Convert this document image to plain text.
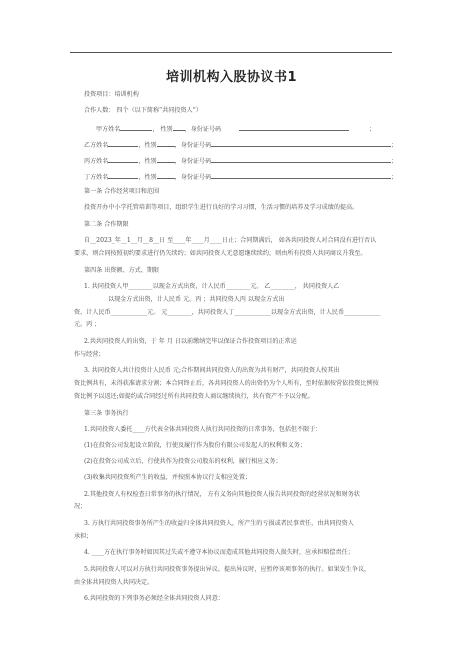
培训机构入股协议书1
投资项目：培训机构
合作人数： 四个（以下简称“共同投资人”）
甲方姓名	， 性别 ，身份证号码	；
乙方姓名	，性别	，身份证号码	；
丙方姓名	，性别	，身份证号码	；
丁方姓名	，性别	，身份证号码	；
第一条 合作经营项目和范围
投资开办中小学托管培训等项目，组织学生进行良好的学习习惯，生活习惯的培养及学习成绩的提高。
第二条 合作期限
自__2023_年__1__月__8__日 至____年____月____日止；合同期满后， 如各共同投资人对合同没有进行否认
要求，则合同按照初约要求进行仍矢续约；如共同投资人无意愿继续续约，则由所有投资人共同商议升我至。
第四条 出资额、方式、期限
1. 共同投资人甲________以现金方式出资，计人民币________元。 乙________， 共同投资人乙
以现金方式出资，计人民币 元。丙 ；共同投资人丙 以现金方式出
资，计人民币____________元。 元________，共同投资人丁____________以现金方式出资，计人民币____________
元。丙 ；
2.共共同投资人的出资，于 年 月 日以前缴纳完毕以保证合作投资项目的正常运
作与经营；
3. 共同投资人共计投资计人民币 元;合作期间共同投资人的出资为共有财产，共同投资人按其出
资比例共有，未得获准请求分割；本合同终止后，各共同投资人的出资仍为个人所有，至时依据按营依投资比例按
资比例予以返还;如提约或合同经过所有共同投资人商议继续执行，共有资产不予以分配。
第三条 事务执行
1.共同投资人委托____方代表全体共同投资人执行共同投资的日常事务，包括但不限于：
(1)在投资公司发起设立阶段，行使及履行作为股份有限公司发起人的权利和义务；
(2)在投资公司成立后，行使共作为投资公司股东的权利，履行相应义务；
(3)收集共同投资所产生的收益，并按照本协议行支相应处置；
2.其他投资人有权检查日常事务的执行情况， 方有义务向其他投资人报告共同投资的经营状况和财务状
况；
3. 方执行共同投资事务所产生的收益归全体共同投资人，所产生的亏损或者民事责任，由共同投资人
承担；
4. ____方在执行事务时如因其过失或不遵守本协议而造成其他共同投资人损失时，应承担赔偿责任；
5.共同投资人可以对方执行共同投资事务提出异议。提出异议时，应暂停该项事务的执行。如果发生争议，
由全体共同投资人共同决定。
6.共同投资的下列事务必须经全体共同投资人同意：
